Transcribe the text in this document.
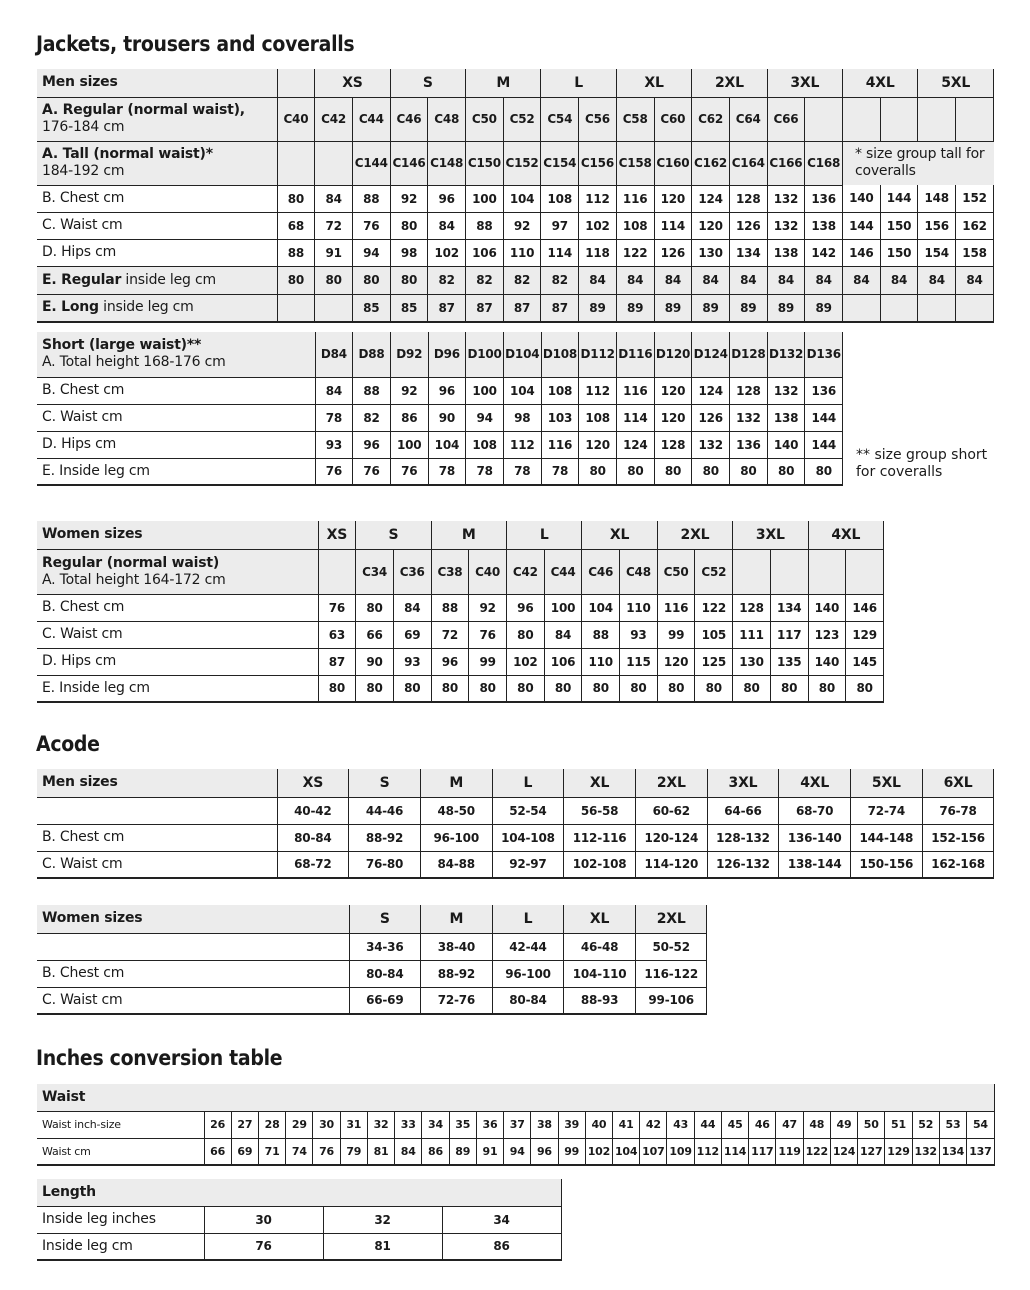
Jackets, trousers and coveralls
Men sizes		XS		S		M		L		XL		2XL		3XL		4XL		5XL	
A. Regular (normal waist),
176-184 cm	C40	C42	C44	C46	C48	C50	C52	C54	C56	C58	C60	C62	C64	C66					
A. Tall (normal waist)*
184-192 cm			C144	C146	C148	C150	C152	C154	C156	C158	C160	C162	C164	C166	C168	* size group tall for coveralls			
B. Chest cm	80	84	88	92	96	100	104	108	112	116	120	124	128	132	136	140	144	148	152
C. Waist cm	68	72	76	80	84	88	92	97	102	108	114	120	126	132	138	144	150	156	162
D. Hips cm	88	91	94	98	102	106	110	114	118	122	126	130	134	138	142	146	150	154	158
E. Regular inside leg cm	80	80	80	80	82	82	82	82	84	84	84	84	84	84	84	84	84	84	84
E. Long inside leg cm			85	85	87	87	87	87	89	89	89	89	89	89	89				
Short (large waist)**
A. Total height 168-176 cm	D84	D88	D92	D96	D100	D104	D108	D112	D116	D120	D124	D128	D132	D136
B. Chest cm	84	88	92	96	100	104	108	112	116	120	124	128	132	136
C. Waist cm	78	82	86	90	94	98	103	108	114	120	126	132	138	144
D. Hips cm	93	96	100	104	108	112	116	120	124	128	132	136	140	144
E. Inside leg cm	76	76	76	78	78	78	78	80	80	80	80	80	80	80
** size group short for coveralls
Women sizes	XS	S		M		L		XL		2XL		3XL		4XL	
Regular (normal waist)
A. Total height 164-172 cm		C34	C36	C38	C40	C42	C44	C46	C48	C50	C52				
B. Chest cm	76	80	84	88	92	96	100	104	110	116	122	128	134	140	146
C. Waist cm	63	66	69	72	76	80	84	88	93	99	105	111	117	123	129
D. Hips cm	87	90	93	96	99	102	106	110	115	120	125	130	135	140	145
E. Inside leg cm	80	80	80	80	80	80	80	80	80	80	80	80	80	80	80
Acode
Men sizes	XS	S	M	L	XL	2XL	3XL	4XL	5XL	6XL
	40-42	44-46	48-50	52-54	56-58	60-62	64-66	68-70	72-74	76-78
B. Chest cm	80-84	88-92	96-100	104-108	112-116	120-124	128-132	136-140	144-148	152-156
C. Waist cm	68-72	76-80	84-88	92-97	102-108	114-120	126-132	138-144	150-156	162-168
Women sizes	S	M	L	XL	2XL
	34-36	38-40	42-44	46-48	50-52
B. Chest cm	80-84	88-92	96-100	104-110	116-122
C. Waist cm	66-69	72-76	80-84	88-93	99-106
Inches conversion table
Waist																													
Waist inch-size	26	27	28	29	30	31	32	33	34	35	36	37	38	39	40	41	42	43	44	45	46	47	48	49	50	51	52	53	54
Waist cm	66	69	71	74	76	79	81	84	86	89	91	94	96	99	102	104	107	109	112	114	117	119	122	124	127	129	132	134	137
Length			
Inside leg inches	30	32	34
Inside leg cm	76	81	86
